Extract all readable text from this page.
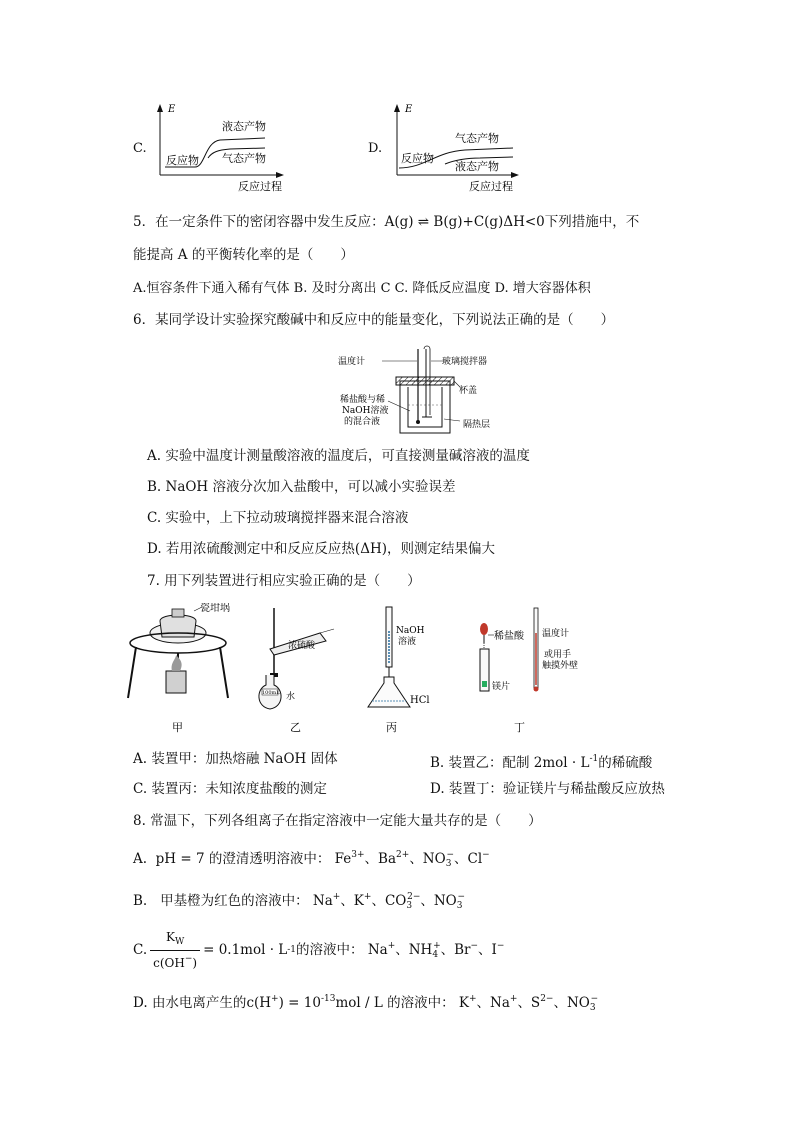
C.
E
液态产物
气态产物
反应物
反应过程
D.
E
气态产物
液态产物
反应物
反应过程
5．在一定条件下的密闭容器中发生反应：A(g) ⇌ B(g)+C(g)ΔH<0下列措施中，不
能提高 A 的平衡转化率的是（　　）
A.恒容条件下通入稀有气体 B. 及时分离出 C C. 降低反应温度 D. 增大容器体积
6．某同学设计实验探究酸碱中和反应中的能量变化，下列说法正确的是（　　）
温度计	玻璃搅拌器
杯盖
稀盐酸与稀
NaOH溶液
的混合液	隔热层
A. 实验中温度计测量酸溶液的温度后，可直接测量碱溶液的温度
B. NaOH 溶液分次加入盐酸中，可以减小实验误差
C. 实验中，上下拉动玻璃搅拌器来混合溶液
D. 若用浓硫酸测定中和反应反应热(ΔH)，则测定结果偏大
7. 用下列装置进行相应实验正确的是（　　）
瓷坩埚
甲
浓硫酸
100mL 水
乙
NaOH
溶液
HCl
丙
稀盐酸
镁片
温度计
或用手
触摸外壁
丁
A. 装置甲：加热熔融 NaOH 固体	B. 装置乙：配制 $2mol \cdot L^{-1}$的稀硫酸
C. 装置丙：未知浓度盐酸的测定	D. 装置丁：验证镁片与稀盐酸反应放热
8. 常温下，下列各组离子在指定溶液中一定能大量共存的是（　　）
A. pH = 7 的澄清透明溶液中： $Fe^{3+}$、$Ba^{2+}$、$NO_3^-$、Cl−
B. 甲基橙为红色的溶液中： Na+、K+、$CO_3^{2-}$、$NO_3^-$
C. $\frac{K_W}{c(OH^-)} = 0.1mol \cdot L$ -1 的溶液中： Na+、$NH_4^+$、Br−、I−
D. 由水电离产生的$c(H^+) = 10^{-13}mol / L$ 的溶液中： K+、Na+、$S^{2-}$、$NO_3^-$
